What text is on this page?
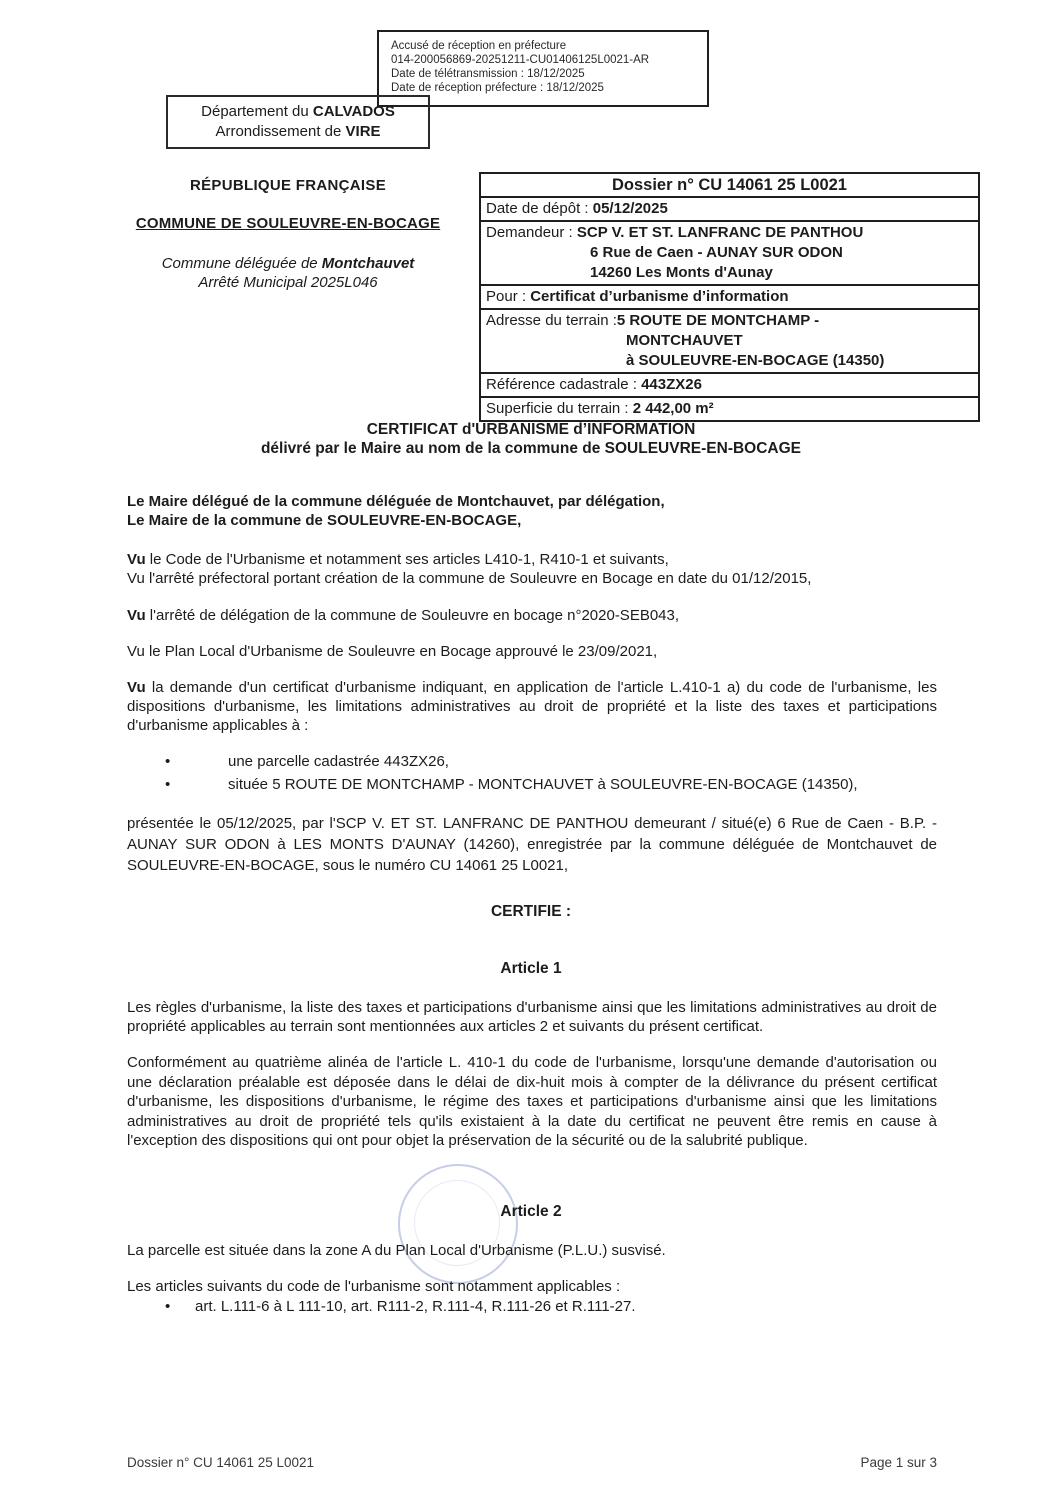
Accusé de réception en préfecture
014-200056869-20251211-CU01406125L0021-AR
Date de télétransmission : 18/12/2025
Date de réception préfecture : 18/12/2025
Département du CALVADOS
Arrondissement de VIRE
RÉPUBLIQUE FRANÇAISE
COMMUNE DE SOULEUVRE-EN-BOCAGE
Commune déléguée de Montchauvet
Arrêté Municipal 2025L046
Dossier n° CU 14061 25 L0021
Date de dépôt : 05/12/2025
Demandeur : SCP V. ET ST. LANFRANC DE PANTHOU
6 Rue de Caen - AUNAY SUR ODON
14260 Les Monts d'Aunay
Pour : Certificat d’urbanisme d’information
Adresse du terrain :5 ROUTE DE MONTCHAMP -
MONTCHAUVET
à SOULEUVRE-EN-BOCAGE (14350)
Référence cadastrale : 443ZX26
Superficie du terrain : 2 442,00 m²
CERTIFICAT d'URBANISME d’INFORMATION
délivré par le Maire au nom de la commune de SOULEUVRE-EN-BOCAGE
Le Maire délégué de la commune déléguée de Montchauvet, par délégation,
Le Maire de la commune de SOULEUVRE-EN-BOCAGE,
Vu le Code de l'Urbanisme et notamment ses articles L410-1, R410-1 et suivants,
Vu l'arrêté préfectoral portant création de la commune de Souleuvre en Bocage en date du 01/12/2015,
Vu l'arrêté de délégation de la commune de Souleuvre en bocage n°2020-SEB043,
Vu le Plan Local d'Urbanisme de Souleuvre en Bocage approuvé le 23/09/2021,
Vu la demande d'un certificat d'urbanisme indiquant, en application de l'article L.410-1 a) du code de l'urbanisme, les dispositions d'urbanisme, les limitations administratives au droit de propriété et la liste des taxes et participations d'urbanisme applicables à :
•	une parcelle cadastrée 443ZX26,
•	située 5 ROUTE DE MONTCHAMP - MONTCHAUVET à SOULEUVRE-EN-BOCAGE (14350),
présentée le 05/12/2025, par l'SCP V. ET ST. LANFRANC DE PANTHOU demeurant / situé(e) 6 Rue de Caen - B.P. - AUNAY SUR ODON à LES MONTS D'AUNAY (14260), enregistrée par la commune déléguée de Montchauvet de SOULEUVRE-EN-BOCAGE, sous le numéro CU 14061 25 L0021,
CERTIFIE :
Article 1
Les règles d'urbanisme, la liste des taxes et participations d'urbanisme ainsi que les limitations administratives au droit de propriété applicables au terrain sont mentionnées aux articles 2 et suivants du présent certificat.
Conformément au quatrième alinéa de l'article L. 410-1 du code de l'urbanisme, lorsqu'une demande d'autorisation ou une déclaration préalable est déposée dans le délai de dix-huit mois à compter de la délivrance du présent certificat d'urbanisme, les dispositions d'urbanisme, le régime des taxes et participations d'urbanisme ainsi que les limitations administratives au droit de propriété tels qu'ils existaient à la date du certificat ne peuvent être remis en cause à l'exception des dispositions qui ont pour objet la préservation de la sécurité ou de la salubrité publique.
Article 2
La parcelle est située dans la zone A du Plan Local d'Urbanisme (P.L.U.) susvisé.
Les articles suivants du code de l'urbanisme sont notamment applicables :
•	art. L.111-6 à L 111-10, art. R111-2, R.111-4, R.111-26 et R.111-27.
Dossier n° CU 14061 25 L0021	Page 1 sur 3
